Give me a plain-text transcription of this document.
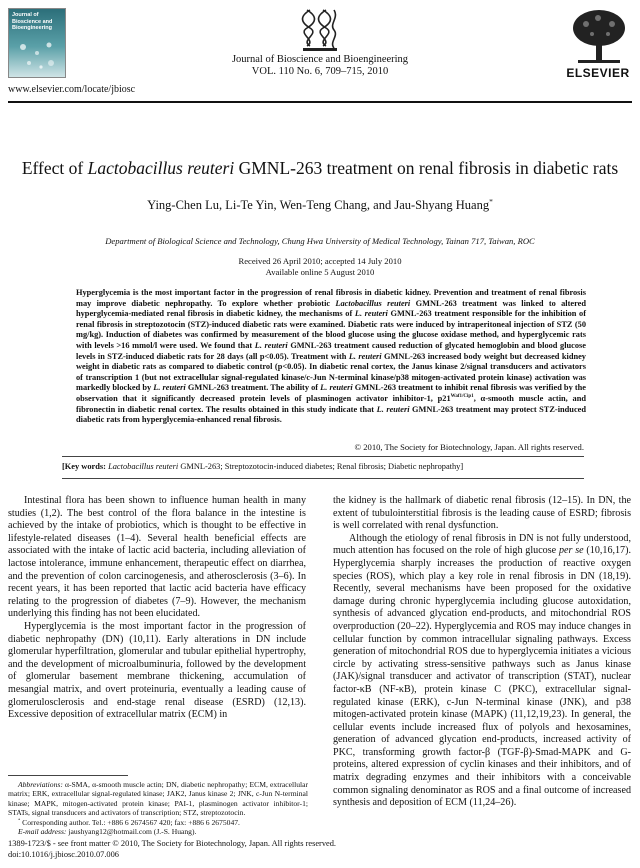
Journal of Bioscience and Bioengineering
Journal of Bioscience and Bioengineering
VOL. 110 No. 6, 709–715, 2010	ELSEVIER
www.elsevier.com/locate/jbiosc
Effect of Lactobacillus reuteri GMNL-263 treatment on renal fibrosis in diabetic rats
Ying-Chen Lu, Li-Te Yin, Wen-Teng Chang, and Jau-Shyang Huang*
Department of Biological Science and Technology, Chung Hwa University of Medical Technology, Tainan 717, Taiwan, ROC
Received 26 April 2010; accepted 14 July 2010
Available online 5 August 2010
Hyperglycemia is the most important factor in the progression of renal fibrosis in diabetic kidney. Prevention and treatment of renal fibrosis may improve diabetic nephropathy. To explore whether probiotic Lactobacillus reuteri GMNL-263 treatment was linked to altered hyperglycemia-mediated renal fibrosis in diabetic kidney, the mechanisms of L. reuteri GMNL-263 treatment responsible for the inhibition of renal fibrosis in streptozotocin (STZ)-induced diabetic rats were examined. Diabetic rats were induced by intraperitoneal injection of STZ (50 mg/kg). Induction of diabetes was confirmed by measurement of the blood glucose using the glucose oxidase method, and hyperglycemic rats with levels >16 mmol/l were used. We found that L. reuteri GMNL-263 treatment caused reduction of glycated hemoglobin and blood glucose levels in STZ-induced diabetic rats for 28 days (all p<0.05). Treatment with L. reuteri GMNL-263 increased body weight but decreased kidney weight in diabetic rats as compared to diabetic control (p<0.05). In diabetic renal cortex, the Janus kinase 2/signal transducers and activators of transcription 1 (but not extracellular signal-regulated kinase/c-Jun N-terminal kinase/p38 mitogen-activated protein kinase) activation was markedly blocked by L. reuteri GMNL-263 treatment. The ability of L. reuteri GMNL-263 treatment to inhibit renal fibrosis was verified by the observation that it significantly decreased protein levels of plasminogen activator inhibitor-1, $p21^{Waf1/Cip1}$, α-smooth muscle actin, and fibronectin in diabetic renal cortex. The results obtained in this study indicate that L. reuteri GMNL-263 treatment may protect STZ-induced diabetic rats from hyperglycemia-enhanced renal fibrosis.
© 2010, The Society for Biotechnology, Japan. All rights reserved.
[Key words: Lactobacillus reuteri GMNL-263; Streptozotocin-induced diabetes; Renal fibrosis; Diabetic nephropathy]

Intestinal flora has been shown to influence human health in many studies (1,2). The best control of the flora balance in the intestine is achieved by the intake of probiotics, which is thought to be effective in lifestyle-related diseases (1–4). Several health beneficial effects are associated with the intake of lactic acid bacteria, including alleviation of lactose intolerance, immune enhancement, therapeutic effect on diarrhea, and the prevention of colon carcinogenesis, and atherosclerosis (3–6). In recent years, it has been reported that lactic acid bacteria have efficacy relating to the progression of diabetes (7–9). However, the mechanism underlying this finding has not been elucidated.

Hyperglycemia is the most important factor in the progression of diabetic nephropathy (DN) (10,11). Early alterations in DN include glomerular hyperfiltration, glomerular and tubular epithelial hypertrophy, and the development of microalbuminuria, followed by the development of glomerular basement membrane thickening, accumulation of mesangial matrix, and overt proteinuria, eventually a leading cause of glomerulosclerosis and end-stage renal disease (ESRD) (12,13). Excessive deposition of extracellular matrix (ECM) in

the kidney is the hallmark of diabetic renal fibrosis (12–15). In DN, the extent of tubulointerstitial fibrosis is the leading cause of ESRD; fibrosis is well correlated with renal dysfunction.

Although the etiology of renal fibrosis in DN is not fully understood, much attention has focused on the role of high glucose per se (10,16,17). Hyperglycemia sharply increases the production of reactive oxygen species (ROS), which play a key role in renal fibrosis in DN (18,19). Recently, several mechanisms have been proposed for the oxidative damage during chronic hyperglycemia including glucose autoxidation, synthesis of advanced glycation end-products, and mitochondrial ROS overproduction (20–22). Hyperglycemia and ROS may induce changes in cellular function by common intracellular signaling pathways. Excess generation of mitochondrial ROS due to hyperglycemia initiates a vicious circle by activating stress-sensitive pathways such as Janus kinase (JAK)/signal transducer and activator of transcription (STAT), nuclear factor-κB (NF-κB), protein kinase C (PKC), extracellular signal-regulated kinase (ERK), c-Jun N-terminal kinase (JNK), and p38 mitogen-activated protein kinase (MAPK) (11,12,19,23). In general, the cellular events include increased flux of polyols and hexosamines, generation of advanced glycation end-products, increased activity of PKC, transforming growth factor-β (TGF-β)-Smad-MAPK and G-proteins, altered expression of cyclin kinases and their inhibitors, and of matrix degrading enzymes and their inhibitors with a conceivable common signaling denominator as ROS and a final outcome of increased synthesis and deposition of ECM (11,24–26).

Abbreviations: α-SMA, α-smooth muscle actin; DN, diabetic nephropathy; ECM, extracellular matrix; ERK, extracellular signal-regulated kinase; JAK2, Janus kinase 2; JNK, c-Jun N-terminal kinase; MAPK, mitogen-activated protein kinase; PAI-1, plasminogen activator inhibitor-1; STATs, signal transducers and activators of transcription; STZ, streptozotocin.

* Corresponding author. Tel.: +886 6 2674567 420; fax: +886 6 2675047.

E-mail address: jaushyang12@hotmail.com (J.-S. Huang).

1389-1723/$ - see front matter © 2010, The Society for Biotechnology, Japan. All rights reserved.
doi:10.1016/j.jbiosc.2010.07.006
